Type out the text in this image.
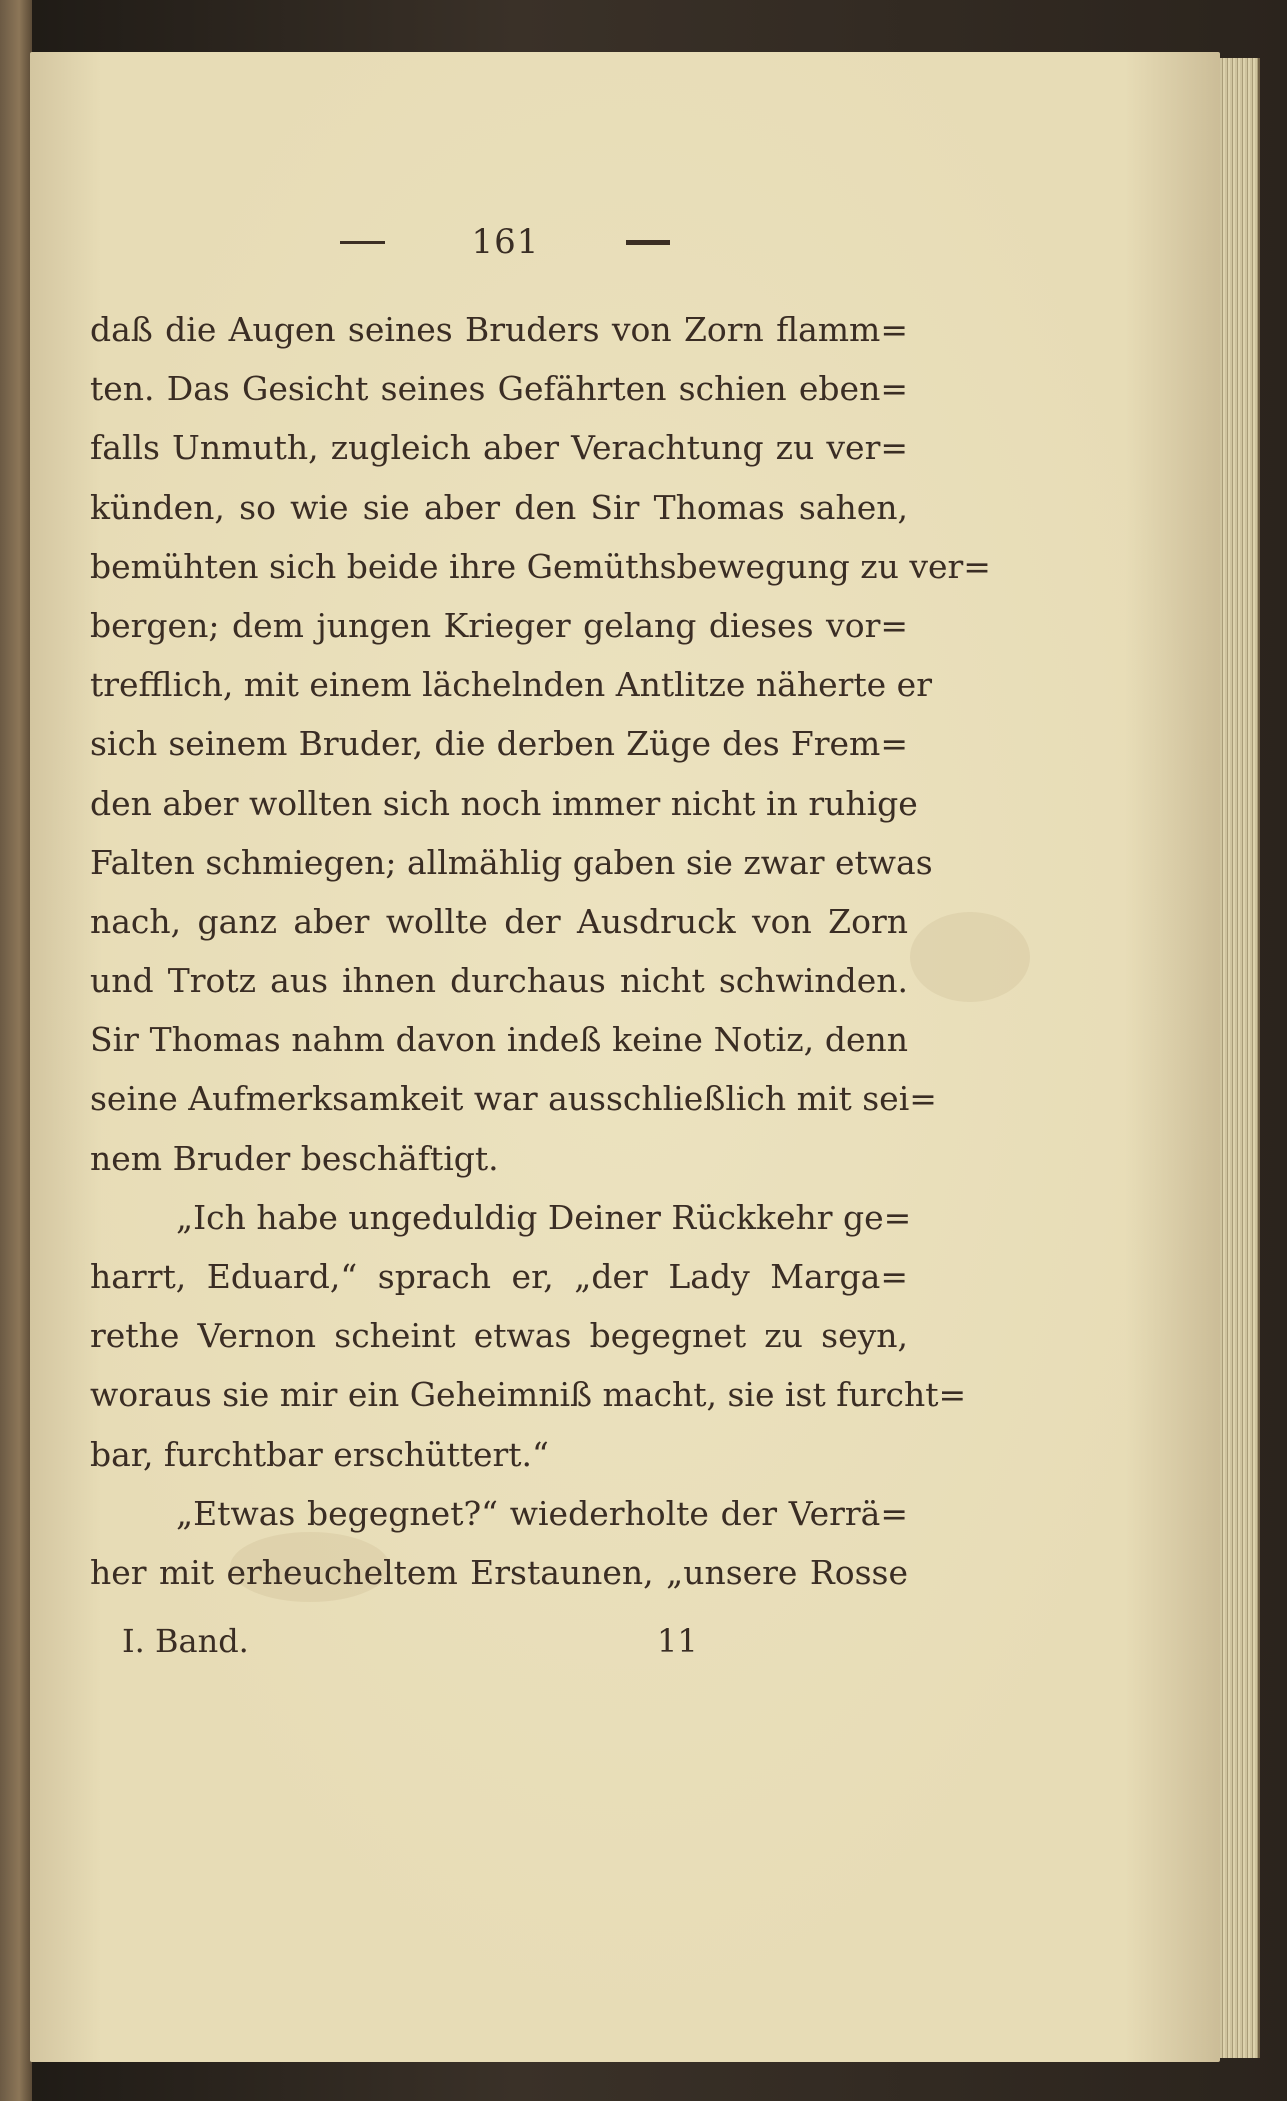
161
daß die Augen seines Bruders von Zorn flamm=
ten. Das Gesicht seines Gefährten schien eben=
falls Unmuth, zugleich aber Verachtung zu ver=
künden, so wie sie aber den Sir Thomas sahen,
bemühten sich beide ihre Gemüthsbewegung zu ver=
bergen; dem jungen Krieger gelang dieses vor=
trefflich, mit einem lächelnden Antlitze näherte er
sich seinem Bruder, die derben Züge des Frem=
den aber wollten sich noch immer nicht in ruhige
Falten schmiegen; allmählig gaben sie zwar etwas
nach, ganz aber wollte der Ausdruck von Zorn
und Trotz aus ihnen durchaus nicht schwinden.
Sir Thomas nahm davon indeß keine Notiz, denn
seine Aufmerksamkeit war ausschließlich mit sei=
nem Bruder beschäftigt.
„Ich habe ungeduldig Deiner Rückkehr ge=
harrt, Eduard,“ sprach er, „der Lady Marga=
rethe Vernon scheint etwas begegnet zu seyn,
woraus sie mir ein Geheimniß macht, sie ist furcht=
bar, furchtbar erschüttert.“
„Etwas begegnet?“ wiederholte der Verrä=
her mit erheucheltem Erstaunen, „unsere Rosse
I. Band.	11
